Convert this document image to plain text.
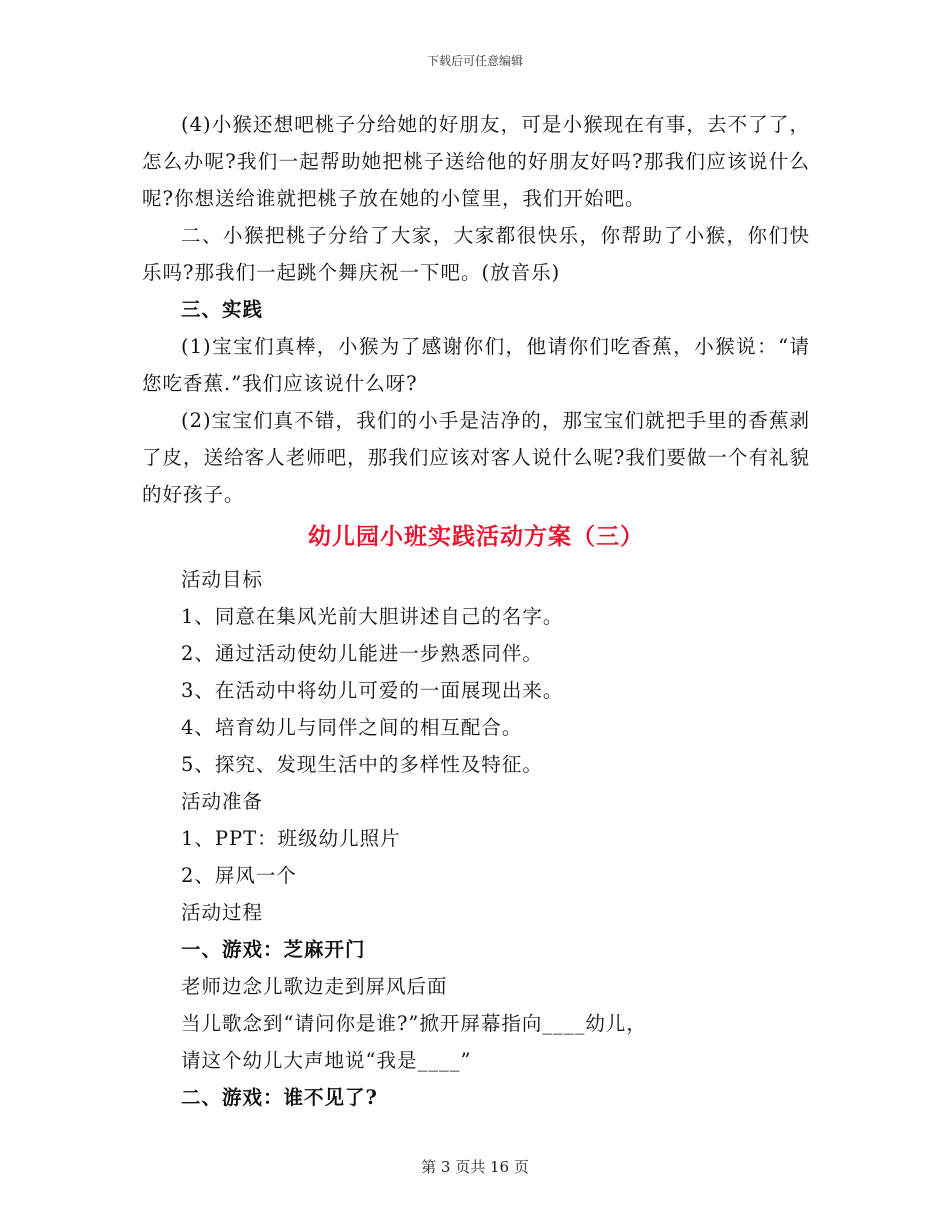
下载后可任意编辑

(4)小猴还想吧桃子分给她的好朋友，可是小猴现在有事，去不了了，怎么办呢?我们一起帮助她把桃子送给他的好朋友好吗?那我们应该说什么呢?你想送给谁就把桃子放在她的小筐里，我们开始吧。

二、小猴把桃子分给了大家，大家都很快乐，你帮助了小猴，你们快乐吗?那我们一起跳个舞庆祝一下吧。(放音乐)

三、实践

(1)宝宝们真棒，小猴为了感谢你们，他请你们吃香蕉，小猴说：“请您吃香蕉.”我们应该说什么呀?

(2)宝宝们真不错，我们的小手是洁净的，那宝宝们就把手里的香蕉剥了皮，送给客人老师吧，那我们应该对客人说什么呢?我们要做一个有礼貌的好孩子。

幼儿园小班实践活动方案（三）

活动目标

1、同意在集风光前大胆讲述自己的名字。

2、通过活动使幼儿能进一步熟悉同伴。

3、在活动中将幼儿可爱的一面展现出来。

4、培育幼儿与同伴之间的相互配合。

5、探究、发现生活中的多样性及特征。

活动准备

1、PPT：班级幼儿照片

2、屏风一个

活动过程

一、游戏：芝麻开门

老师边念儿歌边走到屏风后面

当儿歌念到“请问你是谁?”掀开屏幕指向____幼儿，

请这个幼儿大声地说“我是____”

二、游戏：谁不见了?

第 3 页共 16 页
